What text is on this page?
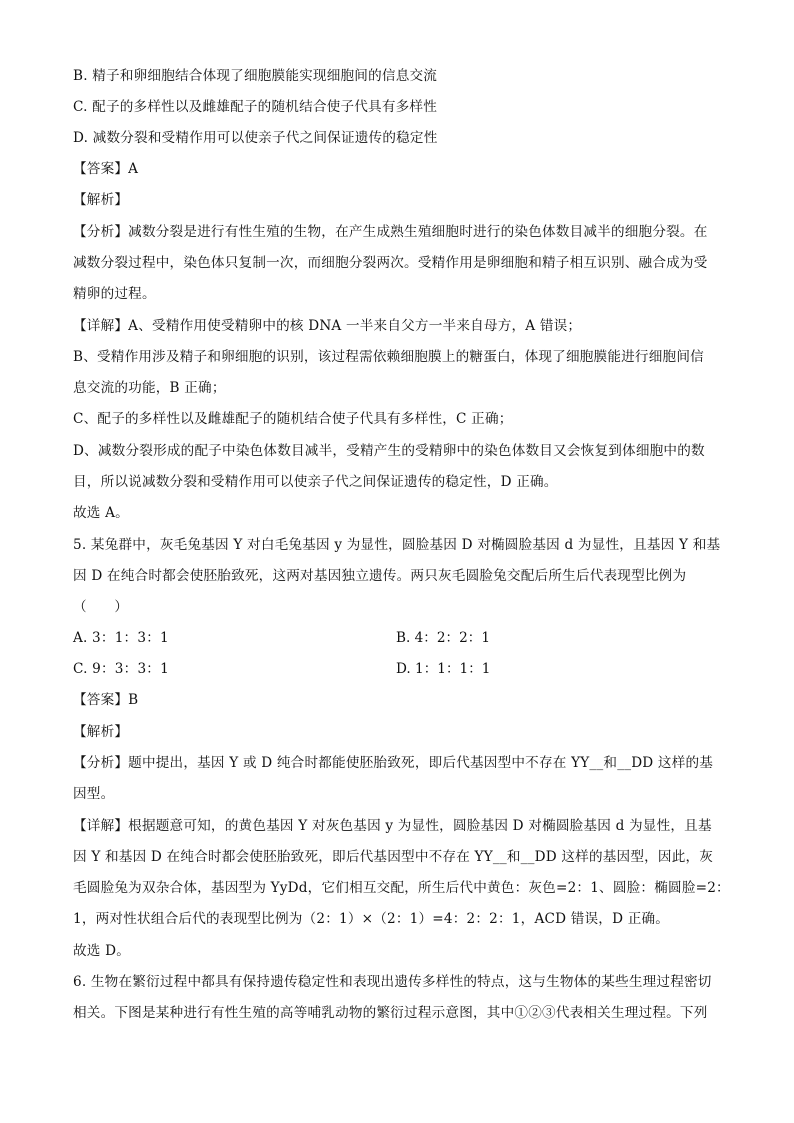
B. 精子和卵细胞结合体现了细胞膜能实现细胞间的信息交流
C. 配子的多样性以及雌雄配子的随机结合使子代具有多样性
D. 减数分裂和受精作用可以使亲子代之间保证遗传的稳定性
【答案】A
【解析】
【分析】减数分裂是进行有性生殖的生物，在产生成熟生殖细胞时进行的染色体数目减半的细胞分裂。在
减数分裂过程中，染色体只复制一次，而细胞分裂两次。受精作用是卵细胞和精子相互识别、融合成为受
精卵的过程。
【详解】A、受精作用使受精卵中的核 DNA 一半来自父方一半来自母方，A 错误；
B、受精作用涉及精子和卵细胞的识别，该过程需依赖细胞膜上的糖蛋白，体现了细胞膜能进行细胞间信
息交流的功能，B 正确；
C、配子的多样性以及雌雄配子的随机结合使子代具有多样性，C 正确；
D、减数分裂形成的配子中染色体数目减半，受精产生的受精卵中的染色体数目又会恢复到体细胞中的数
目，所以说减数分裂和受精作用可以使亲子代之间保证遗传的稳定性，D 正确。
故选 A。
5. 某兔群中，灰毛兔基因 Y 对白毛兔基因 y 为显性，圆脸基因 D 对椭圆脸基因 d 为显性，且基因 Y 和基
因 D 在纯合时都会使胚胎致死，这两对基因独立遗传。两只灰毛圆脸兔交配后所生后代表现型比例为
（　　）
A. 3：1：3：1	B. 4：2：2：1
C. 9：3：3：1	D. 1：1：1：1
【答案】B
【解析】
【分析】题中提出，基因 Y 或 D 纯合时都能使胚胎致死，即后代基因型中不存在 YY__和__DD 这样的基
因型。
【详解】根据题意可知，的黄色基因 Y 对灰色基因 y 为显性，圆脸基因 D 对椭圆脸基因 d 为显性，且基
因 Y 和基因 D 在纯合时都会使胚胎致死，即后代基因型中不存在 YY__和__DD 这样的基因型，因此，灰
毛圆脸兔为双杂合体，基因型为 YyDd，它们相互交配，所生后代中黄色：灰色=2：1、圆脸：椭圆脸=2：
1，两对性状组合后代的表现型比例为（2：1）×（2：1）=4：2：2：1，ACD 错误，D 正确。
故选 D。
6. 生物在繁衍过程中都具有保持遗传稳定性和表现出遗传多样性的特点，这与生物体的某些生理过程密切
相关。下图是某种进行有性生殖的高等哺乳动物的繁衍过程示意图，其中①②③代表相关生理过程。下列
